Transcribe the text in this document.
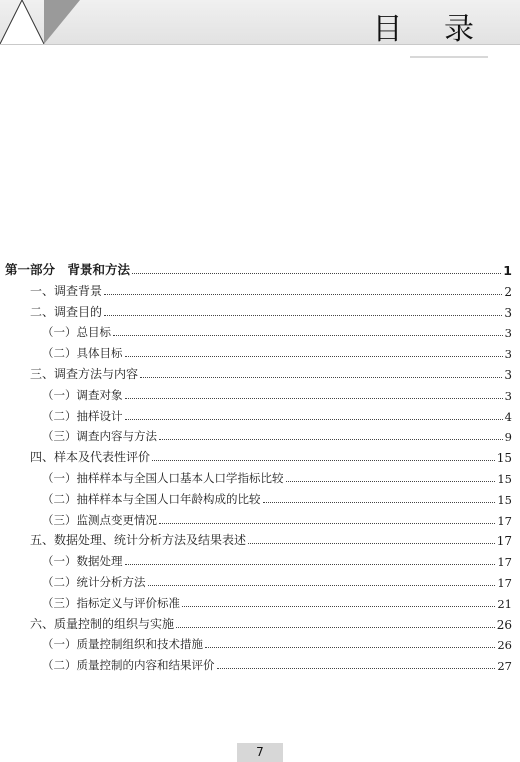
目 录
第一部分　背景和方法	1
一、调查背景	2
二、调查目的	3
（一）总目标	3
（二）具体目标	3
三、调查方法与内容	3
（一）调查对象	3
（二）抽样设计	4
（三）调查内容与方法	9
四、样本及代表性评价	15
（一）抽样样本与全国人口基本人口学指标比较	15
（二）抽样样本与全国人口年龄构成的比较	15
（三）监测点变更情况	17
五、数据处理、统计分析方法及结果表述	17
（一）数据处理	17
（二）统计分析方法	17
（三）指标定义与评价标准	21
六、质量控制的组织与实施	26
（一）质量控制组织和技术措施	26
（二）质量控制的内容和结果评价	27
7
